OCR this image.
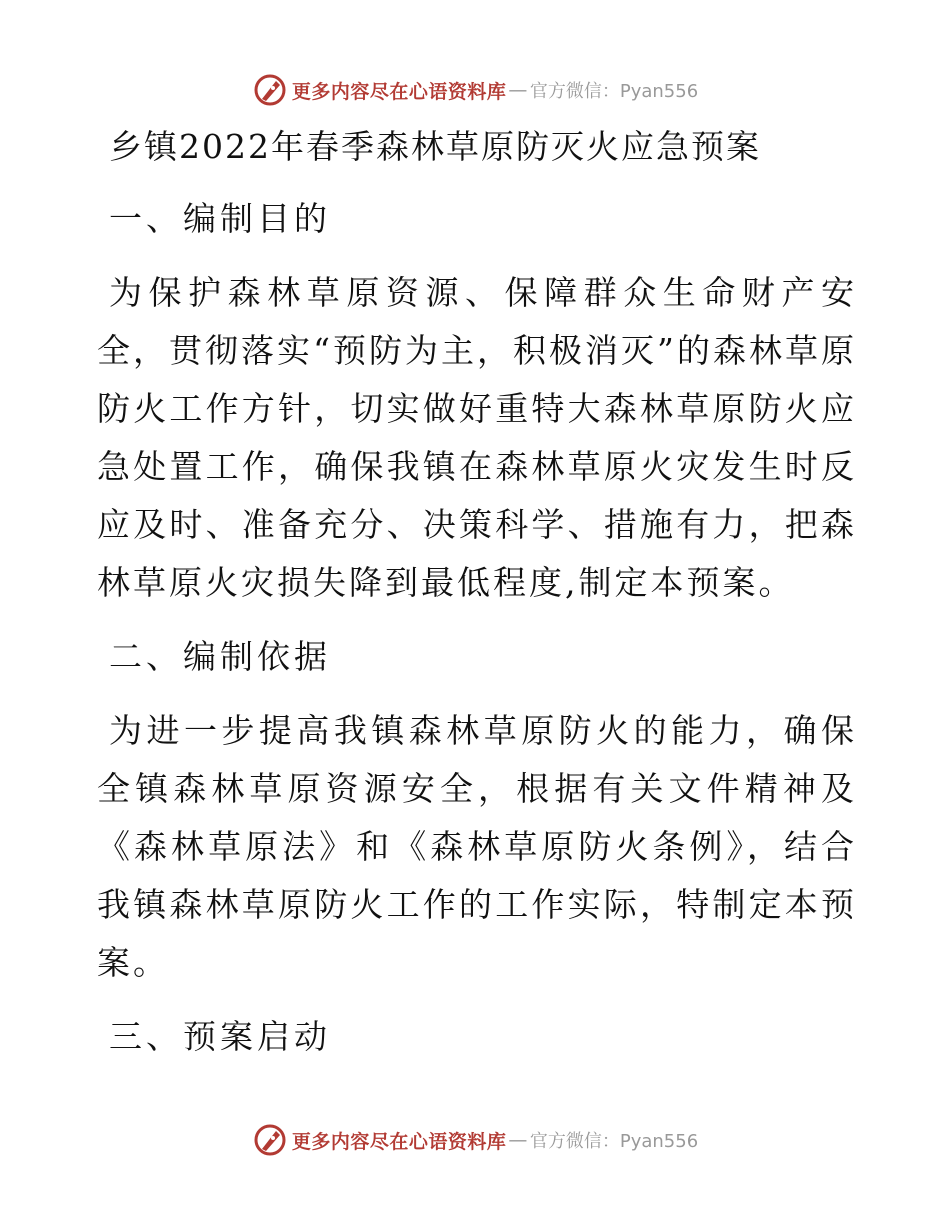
更多内容尽在心语资料库 — 官方微信：Pyan556
乡镇2022年春季森林草原防灭火应急预案
一、编制目的

为保护森林草原资源、保障群众生命财产安全，贯彻落实“预防为主，积极消灭”的森林草原防火工作方针，切实做好重特大森林草原防火应急处置工作，确保我镇在森林草原火灾发生时反应及时、准备充分、决策科学、措施有力，把森林草原火灾损失降到最低程度,制定本预案。

二、编制依据

为进一步提高我镇森林草原防火的能力，确保全镇森林草原资源安全，根据有关文件精神及《森林草原法》和《森林草原防火条例》，结合我镇森林草原防火工作的工作实际，特制定本预案。

三、预案启动
更多内容尽在心语资料库 — 官方微信：Pyan556
